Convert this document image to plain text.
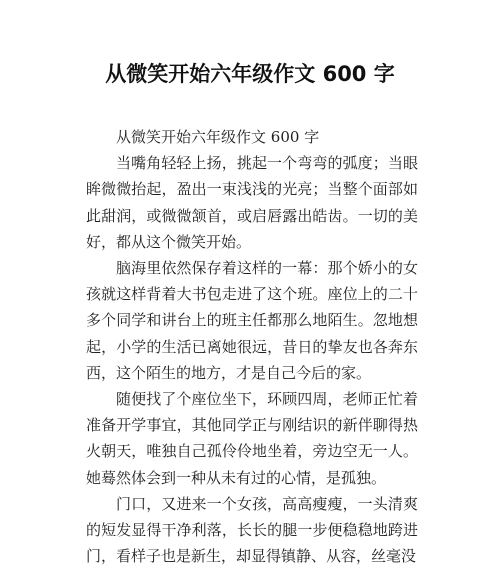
从微笑开始六年级作文 600 字

从微笑开始六年级作文 600 字

当嘴角轻轻上扬，挑起一个弯弯的弧度；当眼眸微微抬起，盈出一束浅浅的光亮；当整个面部如此甜润，或微微颔首，或启唇露出皓齿。一切的美好，都从这个微笑开始。

脑海里依然保存着这样的一幕：那个娇小的女孩就这样背着大书包走进了这个班。座位上的二十多个同学和讲台上的班主任都那么地陌生。忽地想起，小学的生活已离她很远，昔日的挚友也各奔东西，这个陌生的地方，才是自己今后的家。

随便找了个座位坐下，环顾四周，老师正忙着准备开学事宜，其他同学正与刚结识的新伴聊得热火朝天，唯独自己孤伶伶地坐着，旁边空无一人。她蓦然体会到一种从未有过的心情，是孤独。

门口，又进来一个女孩，高高瘦瘦，一头清爽的短发显得干净利落，长长的腿一步便稳稳地跨进门，看样子也是新生，却显得镇静、从容，丝毫没
